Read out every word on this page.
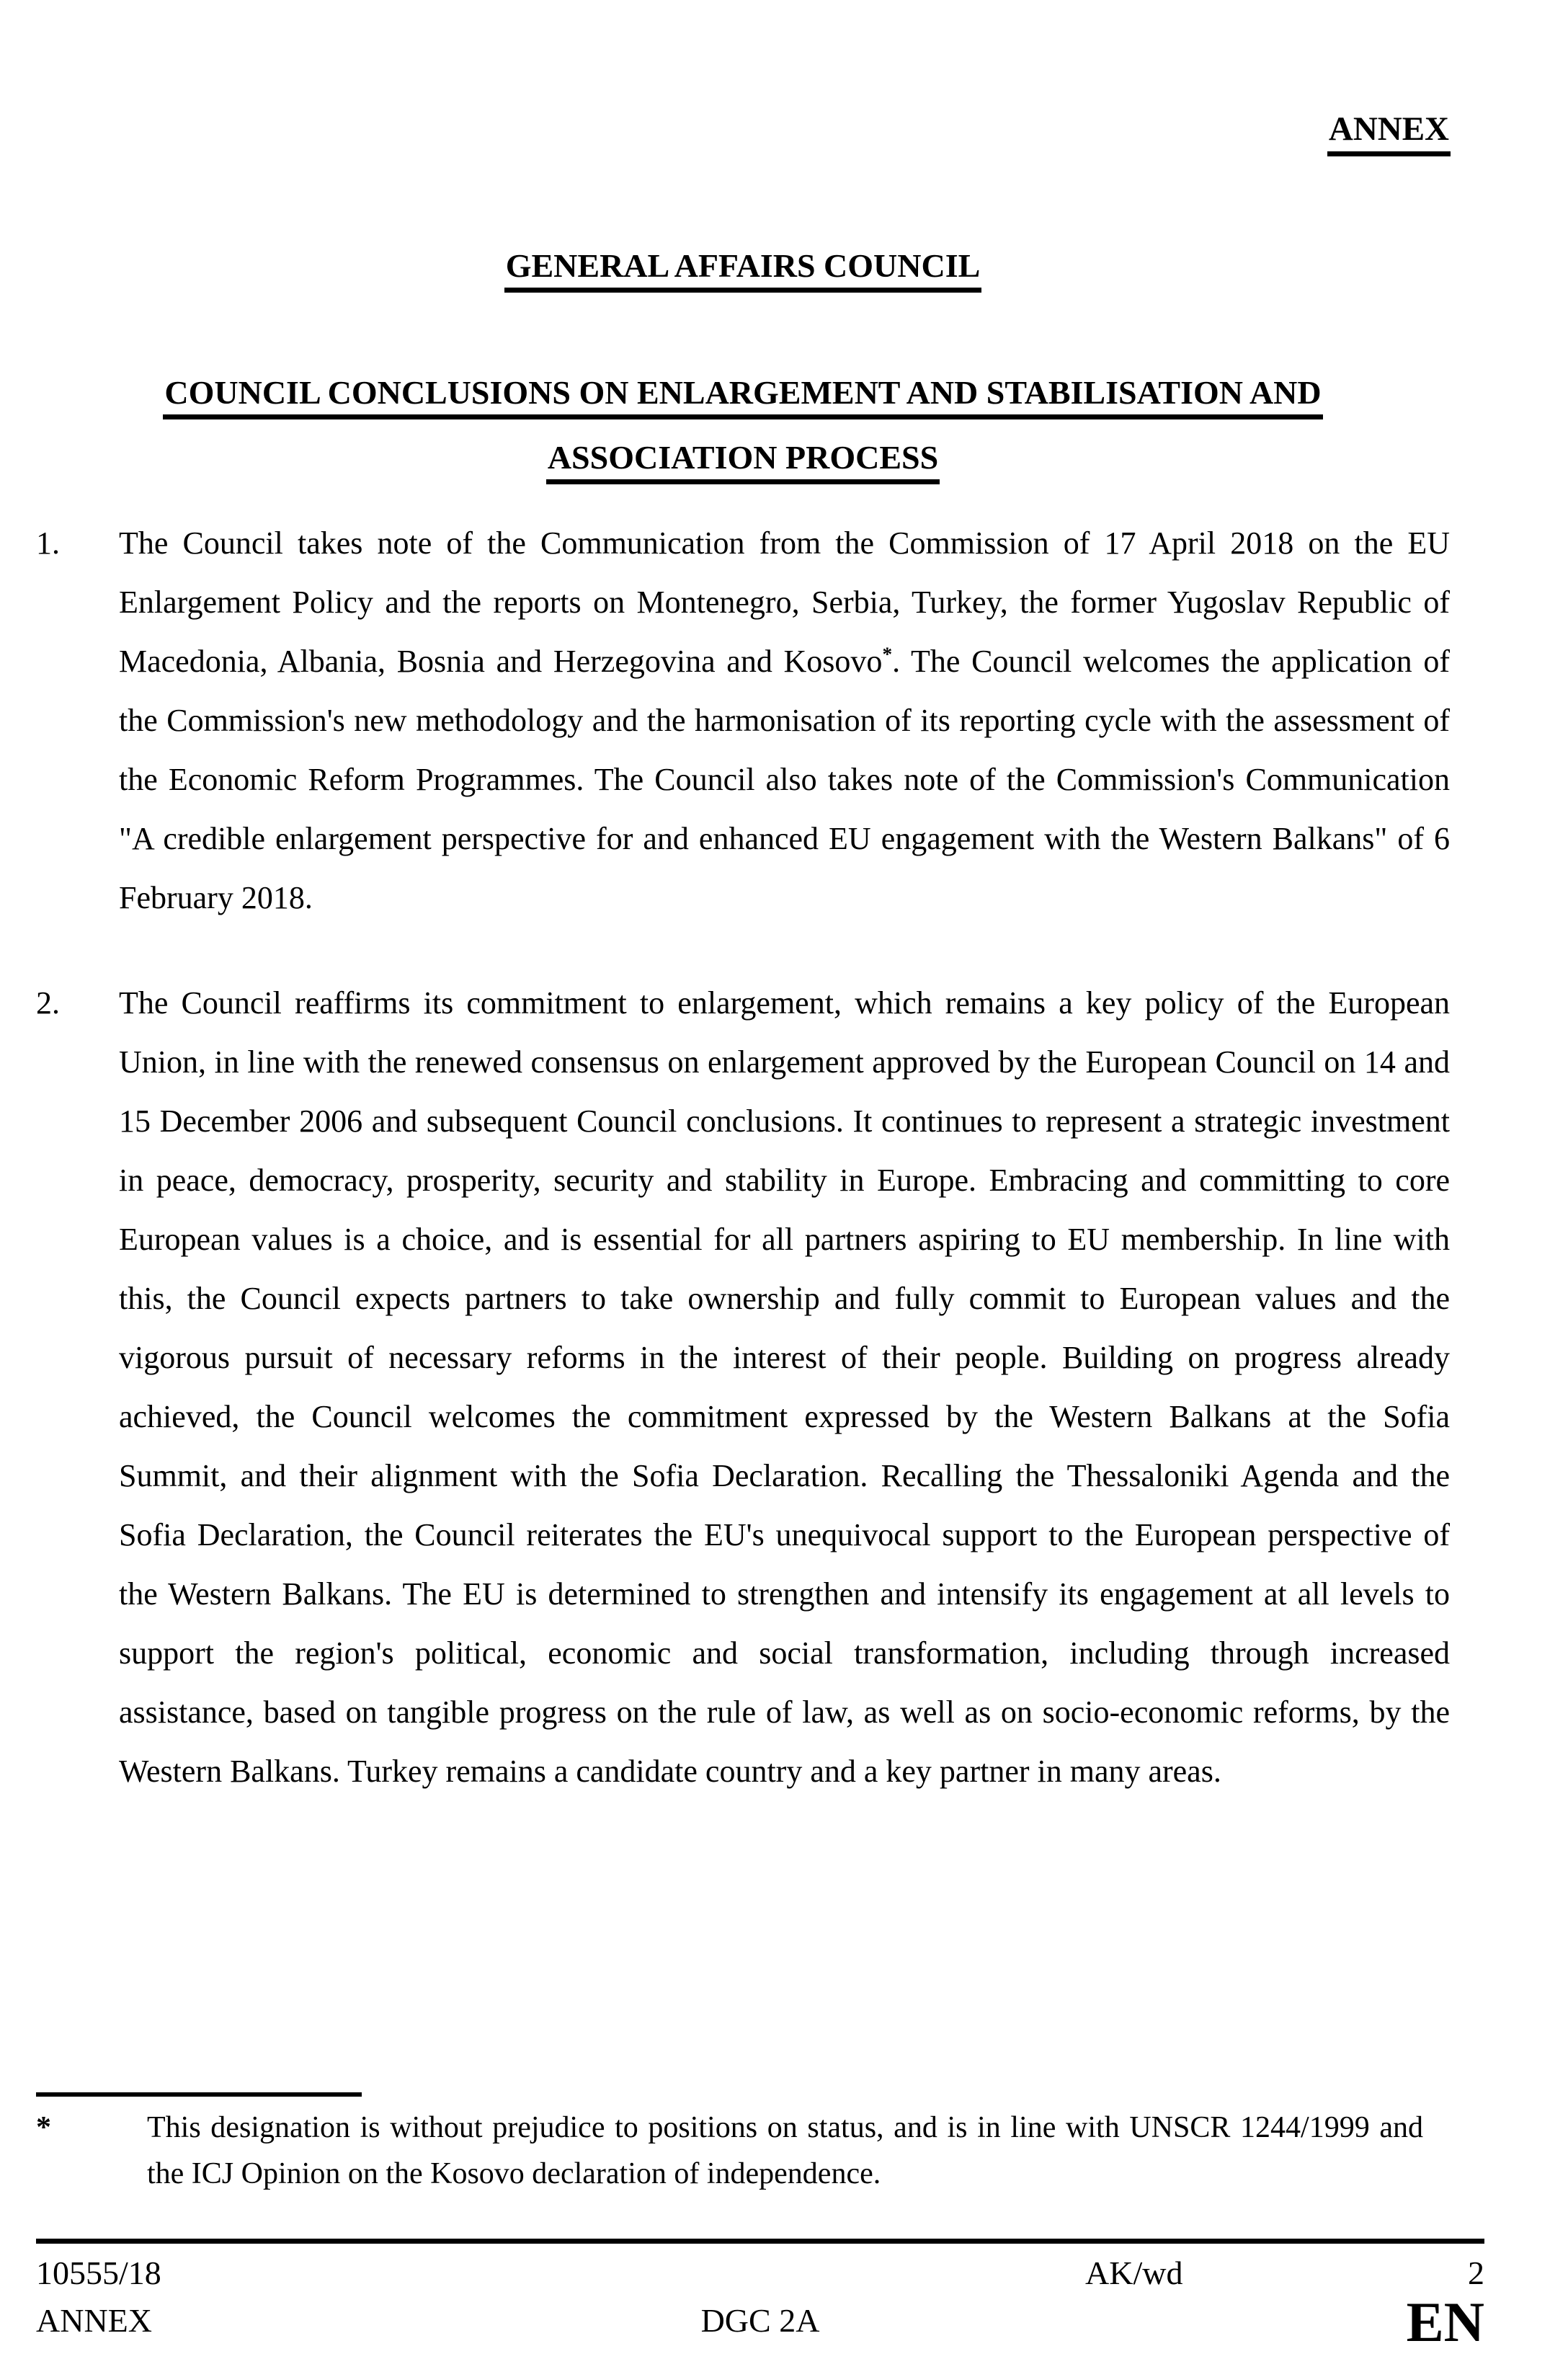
ANNEX
GENERAL AFFAIRS COUNCIL
COUNCIL CONCLUSIONS ON ENLARGEMENT AND STABILISATION AND
ASSOCIATION PROCESS
1.	The Council takes note of the Communication from the Commission of 17 April 2018 on the EU Enlargement Policy and the reports on Montenegro, Serbia, Turkey, the former Yugoslav Republic of Macedonia, Albania, Bosnia and Herzegovina and Kosovo*. The Council welcomes the application of the Commission's new methodology and the harmonisation of its reporting cycle with the assessment of the Economic Reform Programmes. The Council also takes note of the Commission's Communication "A credible enlargement perspective for and enhanced EU engagement with the Western Balkans" of 6 February 2018.
2.	The Council reaffirms its commitment to enlargement, which remains a key policy of the European Union, in line with the renewed consensus on enlargement approved by the European Council on 14 and 15 December 2006 and subsequent Council conclusions. It continues to represent a strategic investment in peace, democracy, prosperity, security and stability in Europe. Embracing and committing to core European values is a choice, and is essential for all partners aspiring to EU membership. In line with this, the Council expects partners to take ownership and fully commit to European values and the vigorous pursuit of necessary reforms in the interest of their people. Building on progress already achieved, the Council welcomes the commitment expressed by the Western Balkans at the Sofia Summit, and their alignment with the Sofia Declaration. Recalling the Thessaloniki Agenda and the Sofia Declaration, the Council reiterates the EU's unequivocal support to the European perspective of the Western Balkans. The EU is determined to strengthen and intensify its engagement at all levels to support the region's political, economic and social transformation, including through increased assistance, based on tangible progress on the rule of law, as well as on socio-economic reforms, by the Western Balkans. Turkey remains a candidate country and a key partner in many areas.
*	This designation is without prejudice to positions on status, and is in line with UNSCR 1244/1999 and the ICJ Opinion on the Kosovo declaration of independence.
10555/18	AK/wd	2
ANNEX	DGC 2A	EN
